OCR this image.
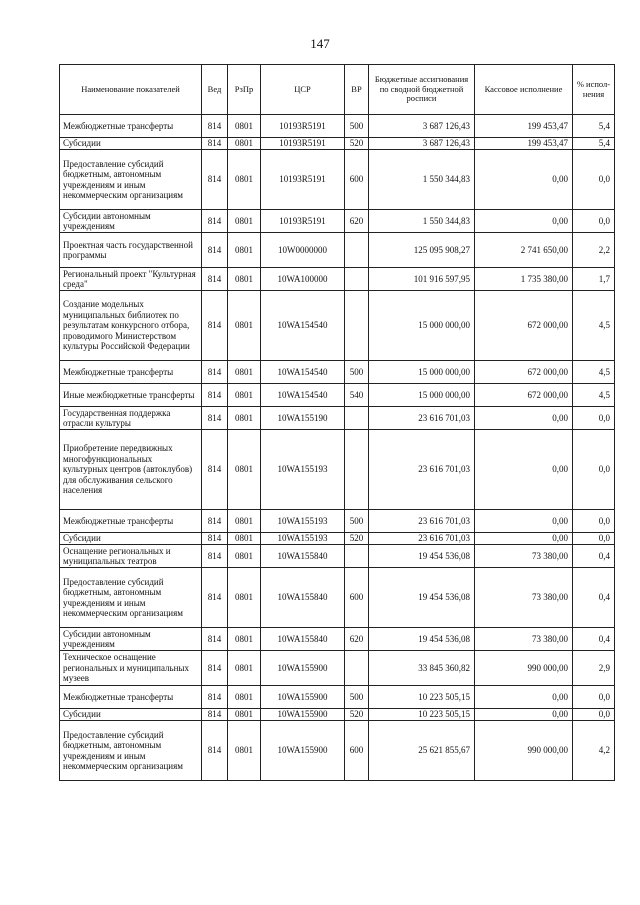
147
Наименование показателей	Вед	РзПр	ЦСР	ВР	Бюджетные ассигнования по сводной бюджетной росписи	Кассовое исполнение	% испол-нения
Межбюджетные трансферты	814	0801	10193R5191	500	3 687 126,43	199 453,47	5,4
Субсидии	814	0801	10193R5191	520	3 687 126,43	199 453,47	5,4
Предоставление субсидий бюджетным, автономным учреждениям и иным некоммерческим организациям	814	0801	10193R5191	600	1 550 344,83	0,00	0,0
Субсидии автономным учреждениям	814	0801	10193R5191	620	1 550 344,83	0,00	0,0
Проектная часть государственной программы	814	0801	10W0000000		125 095 908,27	2 741 650,00	2,2
Региональный проект "Культурная среда"	814	0801	10WA100000		101 916 597,95	1 735 380,00	1,7
Создание модельных муниципальных библиотек по результатам конкурсного отбора, проводимого Министерством культуры Российской Федерации	814	0801	10WA154540		15 000 000,00	672 000,00	4,5
Межбюджетные трансферты	814	0801	10WA154540	500	15 000 000,00	672 000,00	4,5
Иные межбюджетные трансферты	814	0801	10WA154540	540	15 000 000,00	672 000,00	4,5
Государственная поддержка отрасли культуры	814	0801	10WA155190		23 616 701,03	0,00	0,0
Приобретение передвижных многофункциональных культурных центров (автоклубов) для обслуживания сельского населения	814	0801	10WA155193		23 616 701,03	0,00	0,0
Межбюджетные трансферты	814	0801	10WA155193	500	23 616 701,03	0,00	0,0
Субсидии	814	0801	10WA155193	520	23 616 701,03	0,00	0,0
Оснащение региональных и муниципальных театров	814	0801	10WA155840		19 454 536,08	73 380,00	0,4
Предоставление субсидий бюджетным, автономным учреждениям и иным некоммерческим организациям	814	0801	10WA155840	600	19 454 536,08	73 380,00	0,4
Субсидии автономным учреждениям	814	0801	10WA155840	620	19 454 536,08	73 380,00	0,4
Техническое оснащение региональных и муниципальных музеев	814	0801	10WA155900		33 845 360,82	990 000,00	2,9
Межбюджетные трансферты	814	0801	10WA155900	500	10 223 505,15	0,00	0,0
Субсидии	814	0801	10WA155900	520	10 223 505,15	0,00	0,0
Предоставление субсидий бюджетным, автономным учреждениям и иным некоммерческим организациям	814	0801	10WA155900	600	25 621 855,67	990 000,00	4,2
